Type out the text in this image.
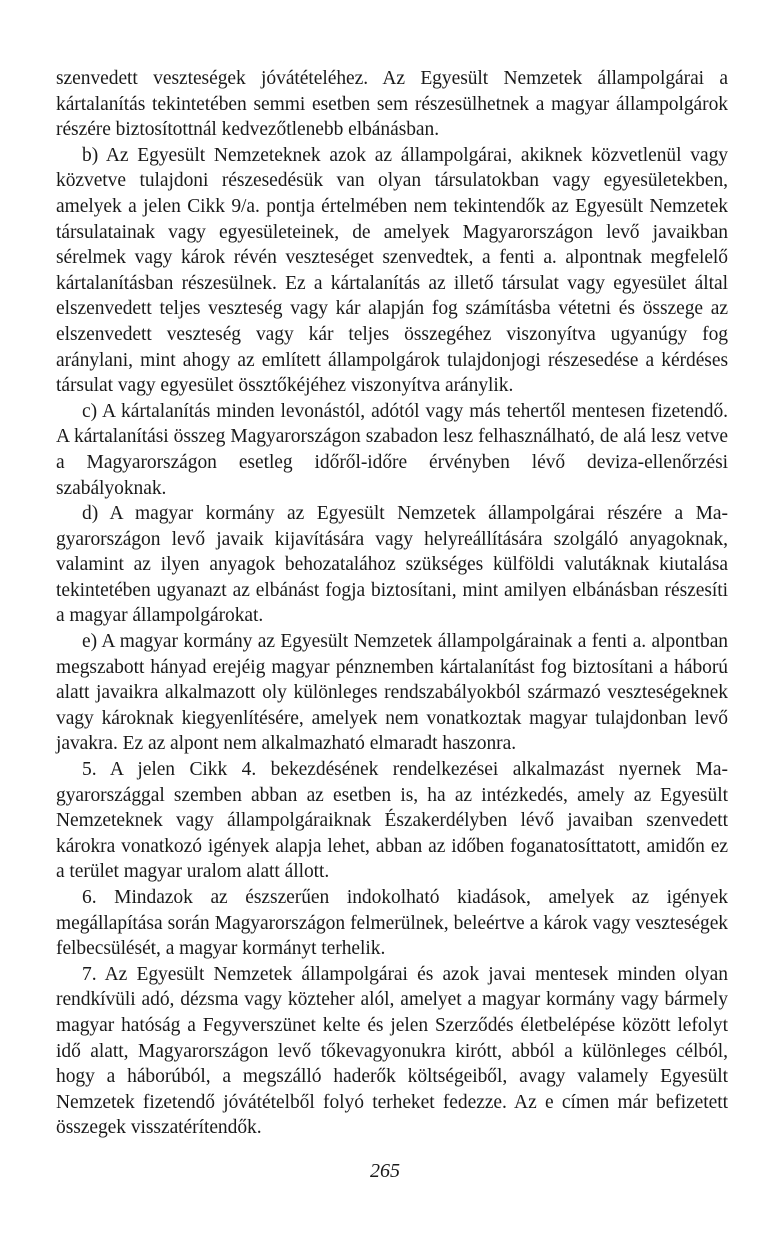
szenvedett veszteségek jóvátételéhez. Az Egyesült Nemzetek állampolgárai a kártalanítás tekintetében semmi esetben sem részesülhetnek a magyar állampolgárok részére biztosítottnál kedvezőtlenebb elbánásban.

b) Az Egyesült Nemzeteknek azok az állampolgárai, akiknek közvetlenül vagy közvetve tulajdoni részesedésük van olyan társulatokban vagy egyesületekben, amelyek a jelen Cikk 9/a. pontja értelmében nem tekintendők az Egyesült Nemzetek társulatainak vagy egyesületeinek, de amelyek Magyarországon levő javaikban sérelmek vagy károk révén veszteséget szenvedtek, a fenti a. alpontnak megfelelő kártalanításban részesülnek. Ez a kártalanítás az illető társulat vagy egyesület által elszenvedett teljes veszteség vagy kár alapján fog számításba vétetni és összege az elszenvedett veszteség vagy kár teljes összegéhez viszonyítva ugyanúgy fog aránylani, mint ahogy az említett állampolgárok tulajdonjogi részesedése a kérdéses társulat vagy egyesület össztőkéjéhez viszonyítva aránylik.

c) A kártalanítás minden levonástól, adótól vagy más tehertől mentesen fizetendő. A kártalanítási összeg Magyarországon szabadon lesz felhasználható, de alá lesz vetve a Magyarországon esetleg időről-időre érvényben lévő deviza-ellenőrzési szabályoknak.

d) A magyar kormány az Egyesült Nemzetek állampolgárai részére a Magyarországon levő javaik kijavítására vagy helyreállítására szolgáló anyagoknak, valamint az ilyen anyagok behozatalához szükséges külföldi valutáknak kiutalása tekintetében ugyanazt az elbánást fogja biztosítani, mint amilyen elbánásban részesíti a magyar állampolgárokat.

e) A magyar kormány az Egyesült Nemzetek állampolgárainak a fenti a. alpontban megszabott hányad erejéig magyar pénznemben kártalanítást fog biztosítani a háború alatt javaikra alkalmazott oly különleges rendszabályokból származó veszteségeknek vagy károknak kiegyenlítésére, amelyek nem vonatkoztak magyar tulajdonban levő javakra. Ez az alpont nem alkalmazható elmaradt haszonra.

5. A jelen Cikk 4. bekezdésének rendelkezései alkalmazást nyernek Magyarországgal szemben abban az esetben is, ha az intézkedés, amely az Egyesült Nemzeteknek vagy állampolgáraiknak Északerdélyben lévő javaiban szenvedett károkra vonatkozó igények alapja lehet, abban az időben foganatosíttatott, amidőn ez a terület magyar uralom alatt állott.

6. Mindazok az észszerűen indokolható kiadások, amelyek az igények megállapítása során Magyarországon felmerülnek, beleértve a károk vagy veszteségek felbecsülését, a magyar kormányt terhelik.

7. Az Egyesült Nemzetek állampolgárai és azok javai mentesek minden olyan rendkívüli adó, dézsma vagy közteher alól, amelyet a magyar kormány vagy bármely magyar hatóság a Fegyverszünet kelte és jelen Szerződés életbelépése között lefolyt idő alatt, Magyarországon levő tőkevagyonukra kirótt, abból a különleges célból, hogy a háborúból, a megszálló haderők költségeiből, avagy valamely Egyesült Nemzetek fizetendő jóvátételből folyó terheket fedezze. Az e címen már befizetett összegek visszatérítendők.

265
